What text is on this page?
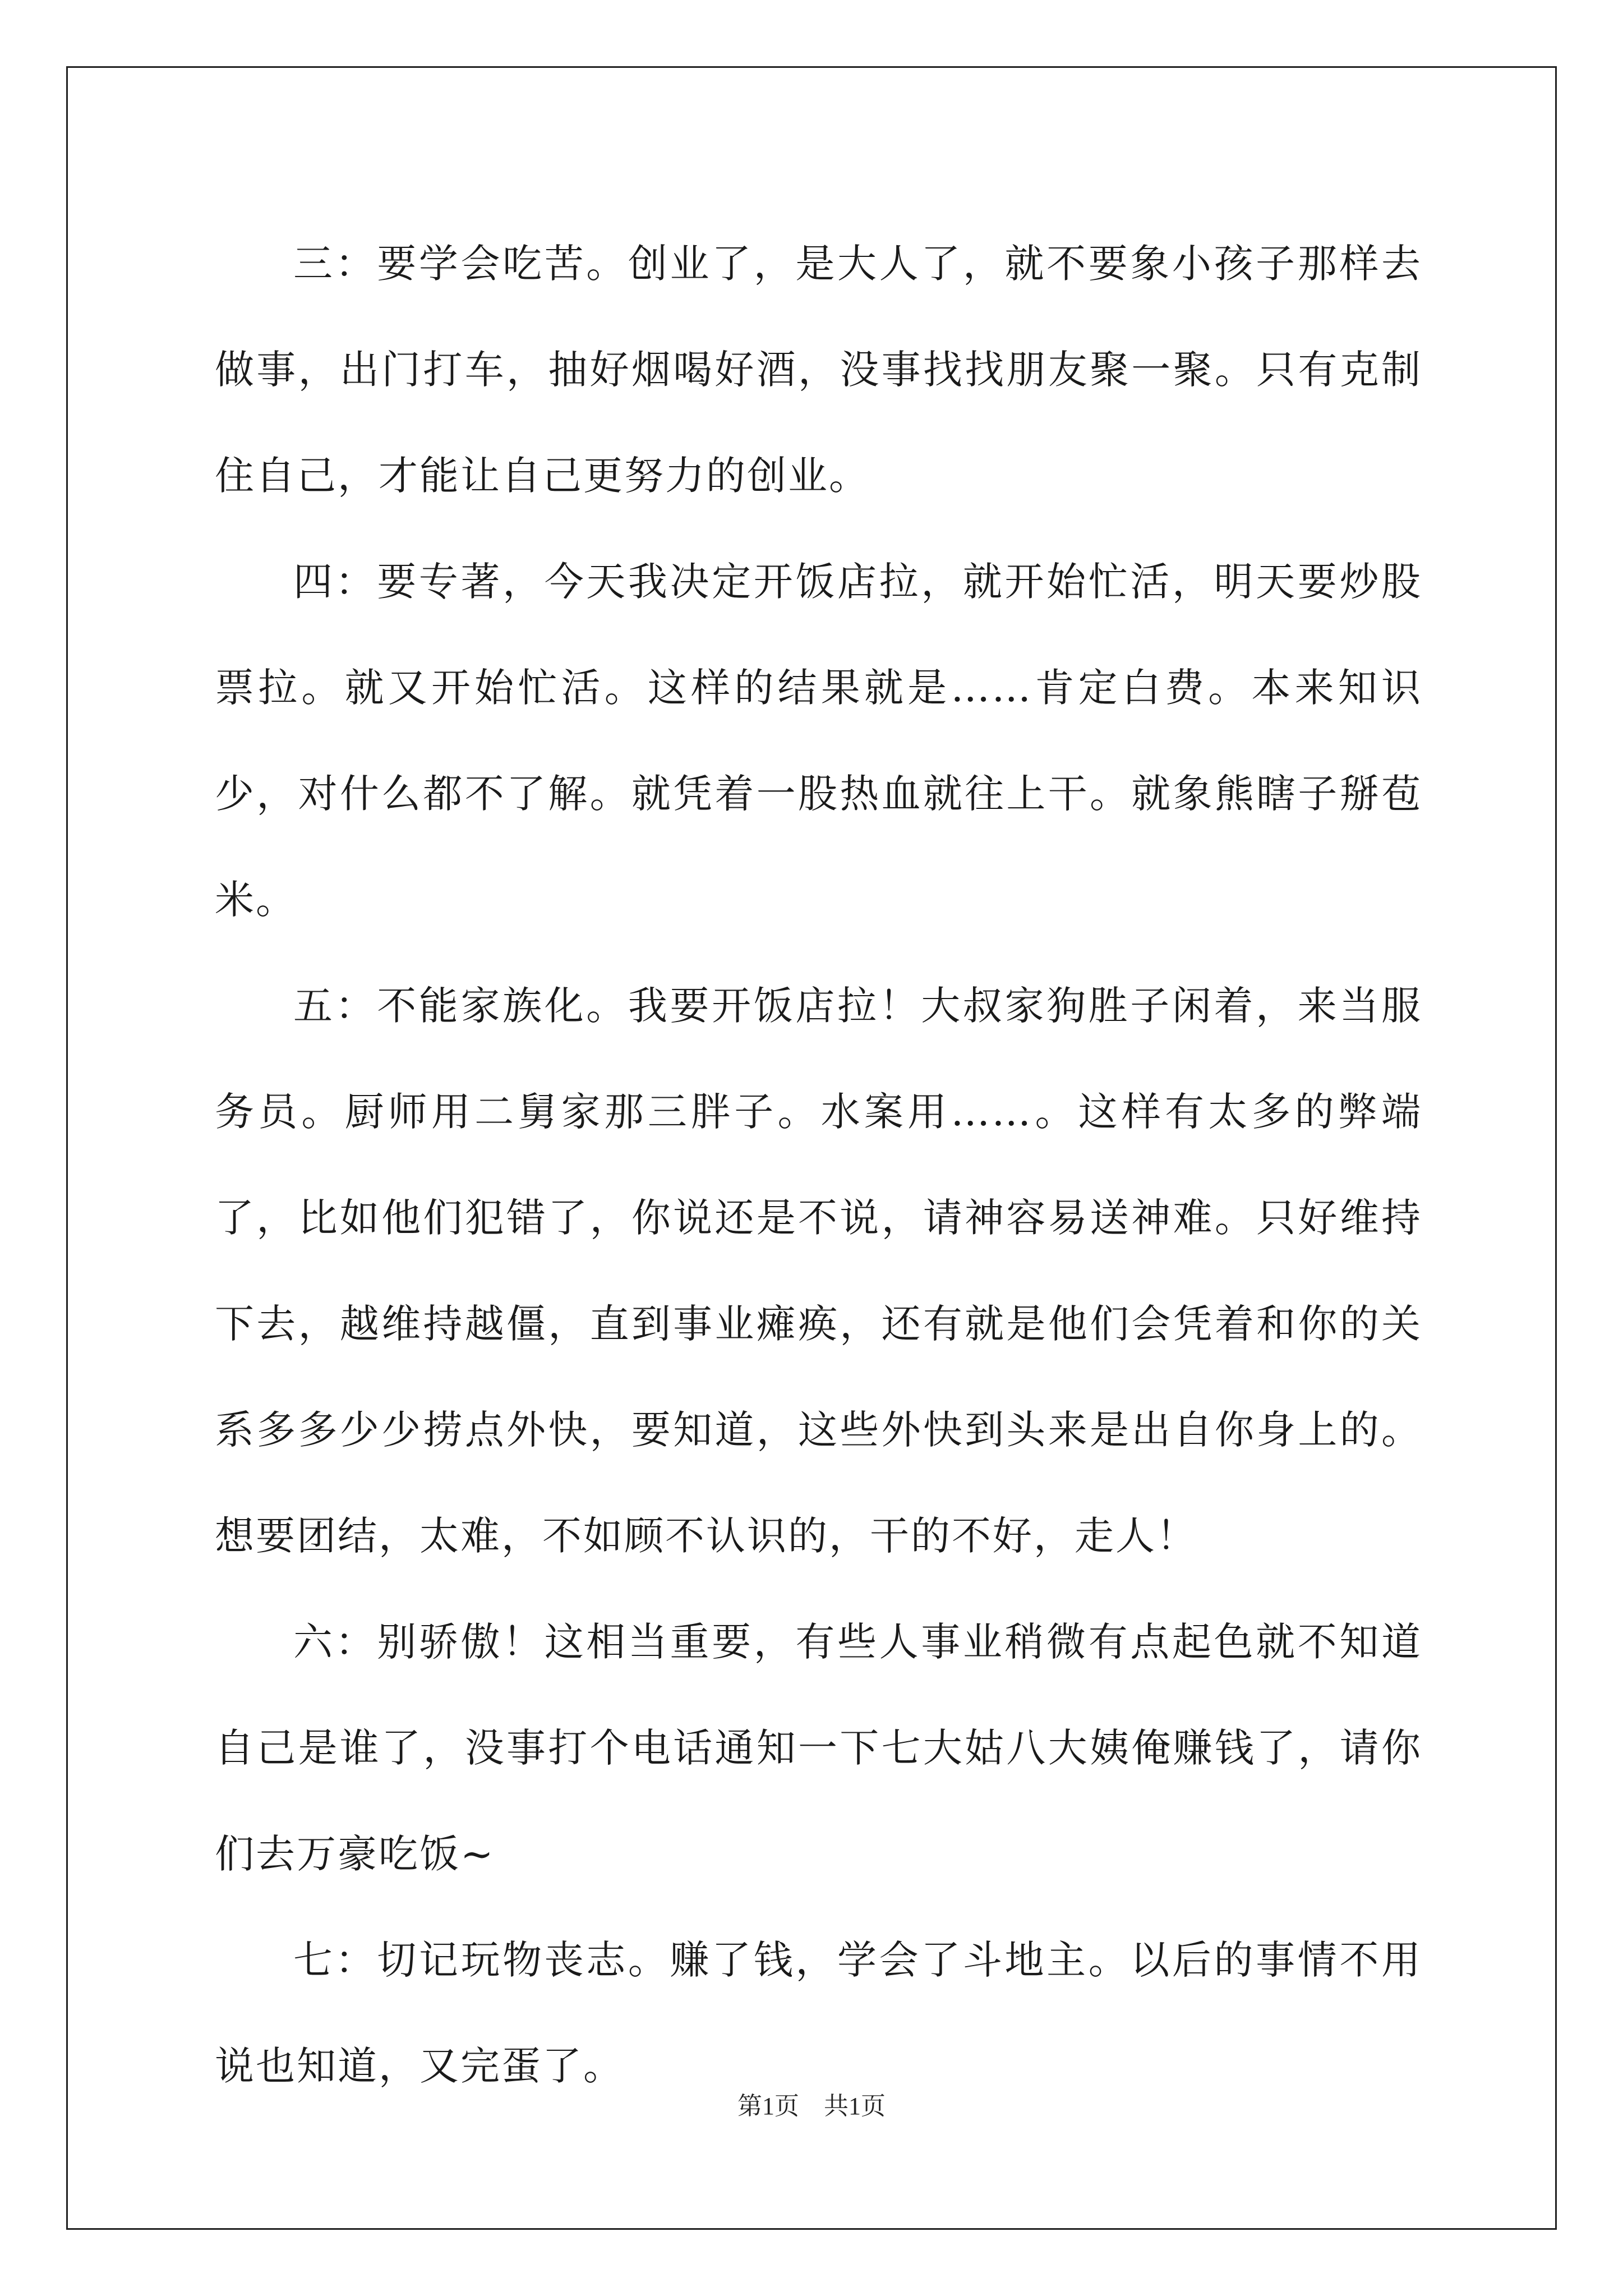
三：要学会吃苦。创业了，是大人了，就不要象小孩子那样去做事，出门打车，抽好烟喝好酒，没事找找朋友聚一聚。只有克制住自己，才能让自己更努力的创业。

四：要专著，今天我决定开饭店拉，就开始忙活，明天要炒股票拉。就又开始忙活。这样的结果就是……肯定白费。本来知识少，对什么都不了解。就凭着一股热血就往上干。就象熊瞎子掰苞米。

五：不能家族化。我要开饭店拉！大叔家狗胜子闲着，来当服务员。厨师用二舅家那三胖子。水案用……。这样有太多的弊端了，比如他们犯错了，你说还是不说，请神容易送神难。只好维持下去，越维持越僵，直到事业瘫痪，还有就是他们会凭着和你的关系多多少少捞点外快，要知道，这些外快到头来是出自你身上的。想要团结，太难，不如顾不认识的，干的不好，走人！

六：别骄傲！这相当重要，有些人事业稍微有点起色就不知道自己是谁了，没事打个电话通知一下七大姑八大姨俺赚钱了，请你们去万豪吃饭~

七：切记玩物丧志。赚了钱，学会了斗地主。以后的事情不用说也知道，又完蛋了。

第1页　共1页
